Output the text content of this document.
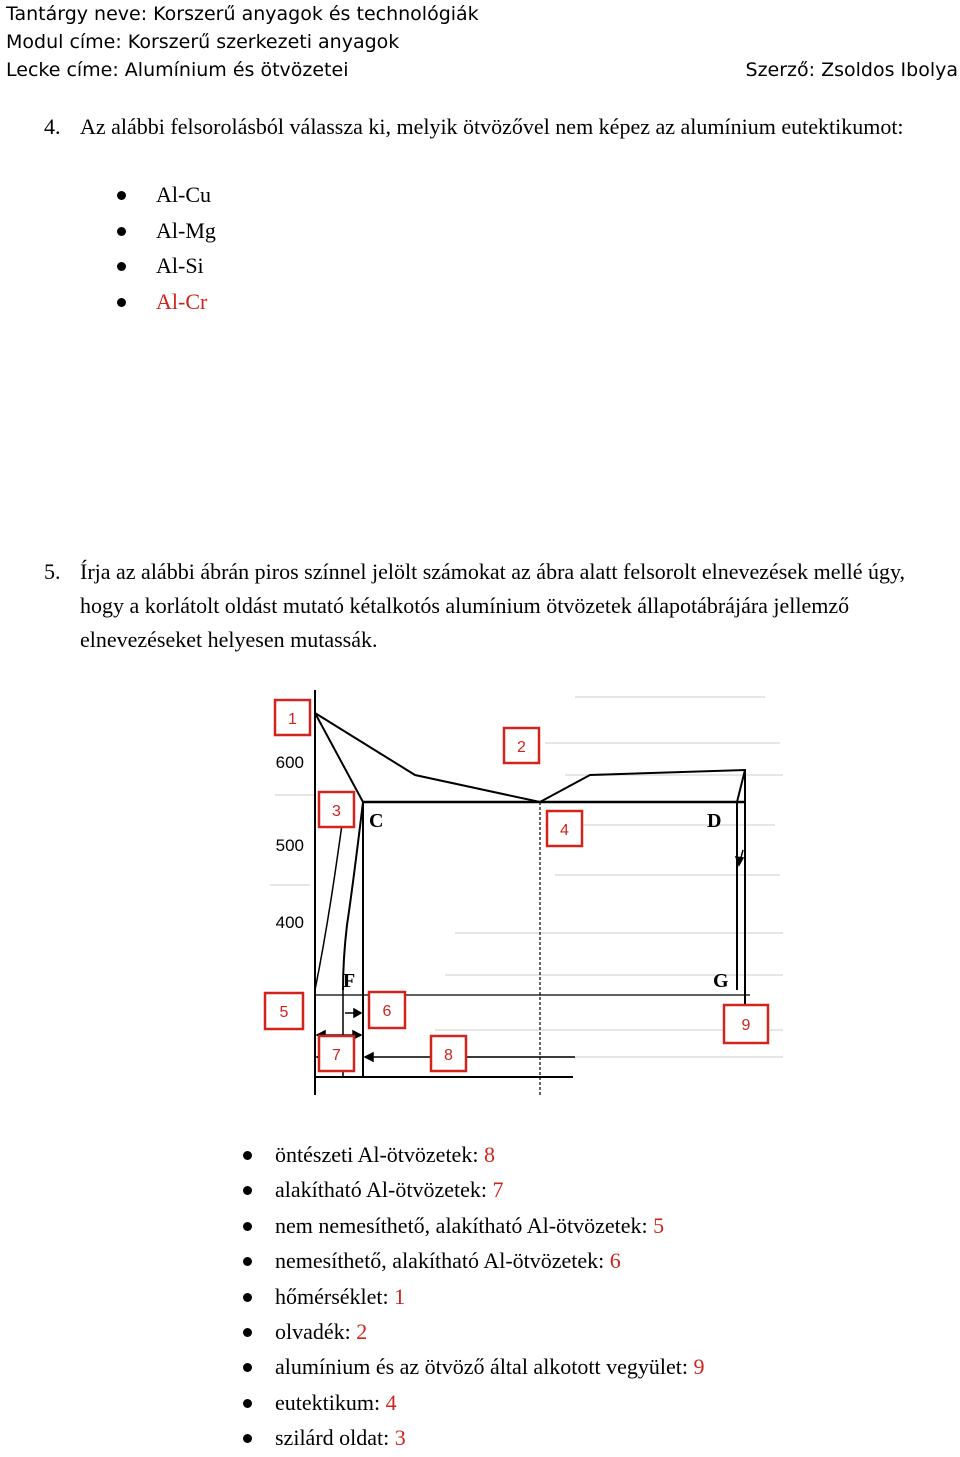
Tantárgy neve: Korszerű anyagok és technológiák
Modul címe: Korszerű szerkezeti anyagok
Lecke címe: Alumínium és ötvözetei	Szerző: Zsoldos Ibolya
4. Az alábbi felsorolásból válassza ki, melyik ötvözővel nem képez az alumínium eutektikumot:
Al-Cu
Al-Mg
Al-Si
Al-Cr
5. Írja az alábbi ábrán piros színnel jelölt számokat az ábra alatt felsorolt elnevezések mellé úgy, hogy a korlátolt oldást mutató kétalkotós alumínium ötvözetek állapotábrájára jellemző elnevezéseket helyesen mutassák.
600
500
400
C	D
F	G
1
2
3
4
5	6
7	8
9
öntészeti Al-ötvözetek: 8
alakítható Al-ötvözetek: 7
nem nemesíthető, alakítható Al-ötvözetek: 5
nemesíthető, alakítható Al-ötvözetek: 6
hőmérséklet: 1
olvadék: 2
alumínium és az ötvöző által alkotott vegyület: 9
eutektikum: 4
szilárd oldat: 3
